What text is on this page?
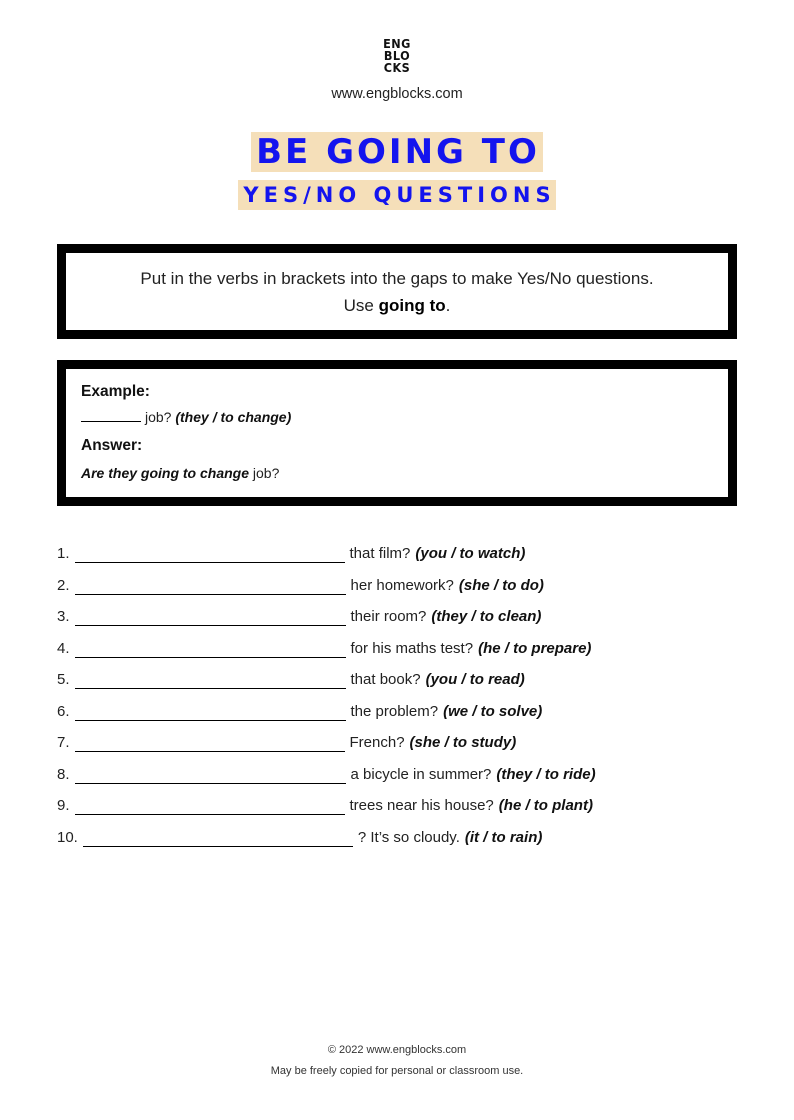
ENG
BLO
CKS
www.engblocks.com
BE GOING TO
YES/NO QUESTIONS
Put in the verbs in brackets into the gaps to make Yes/No questions.
Use going to.
Example:
job? (they / to change)
Answer:
Are they going to change job?
1.	that film? (you / to watch)
2.	her homework? (she / to do)
3.	their room? (they / to clean)
4.	for his maths test? (he / to prepare)
5.	that book? (you / to read)
6.	the problem? (we / to solve)
7.	French? (she / to study)
8.	a bicycle in summer? (they / to ride)
9.	trees near his house? (he / to plant)
10.	? It’s so cloudy. (it / to rain)
© 2022 www.engblocks.com
May be freely copied for personal or classroom use.
